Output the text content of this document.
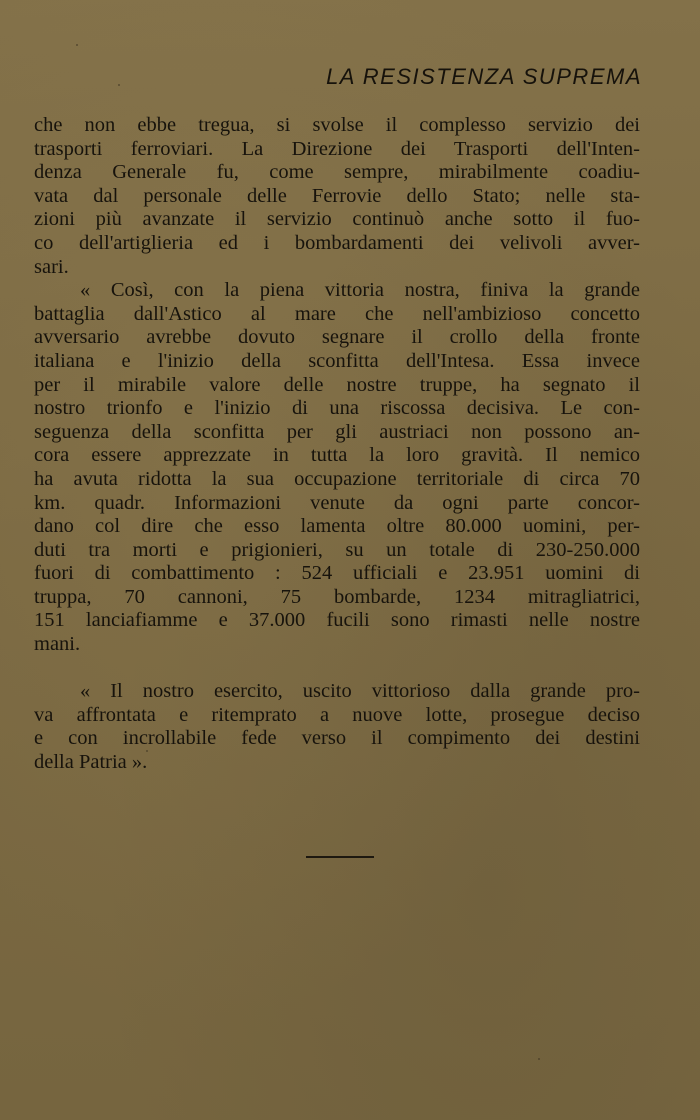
LA RESISTENZA SUPREMA
che non ebbe tregua, si svolse il complesso servizio dei
trasporti ferroviari. La Direzione dei Trasporti dell'Inten-
denza Generale fu, come sempre, mirabilmente coadiu-
vata dal personale delle Ferrovie dello Stato; nelle sta-
zioni più avanzate il servizio continuò anche sotto il fuo-
co dell'artiglieria ed i bombardamenti dei velivoli avver-
sari.
« Così, con la piena vittoria nostra, finiva la grande
battaglia dall'Astico al mare che nell'ambizioso concetto
avversario avrebbe dovuto segnare il crollo della fronte
italiana e l'inizio della sconfitta dell'Intesa. Essa invece
per il mirabile valore delle nostre truppe, ha segnato il
nostro trionfo e l'inizio di una riscossa decisiva. Le con-
seguenza della sconfitta per gli austriaci non possono an-
cora essere apprezzate in tutta la loro gravità. Il nemico
ha avuta ridotta la sua occupazione territoriale di circa 70
km. quadr. Informazioni venute da ogni parte concor-
dano col dire che esso lamenta oltre 80.000 uomini, per-
duti tra morti e prigionieri, su un totale di 230-250.000
fuori di combattimento : 524 ufficiali e 23.951 uomini di
truppa, 70 cannoni, 75 bombarde, 1234 mitragliatrici,
151 lanciafiamme e 37.000 fucili sono rimasti nelle nostre
mani.
« Il nostro esercito, uscito vittorioso dalla grande pro-
va affrontata e ritemprato a nuove lotte, prosegue deciso
e con incrollabile fede verso il compimento dei destini
della Patria ».
